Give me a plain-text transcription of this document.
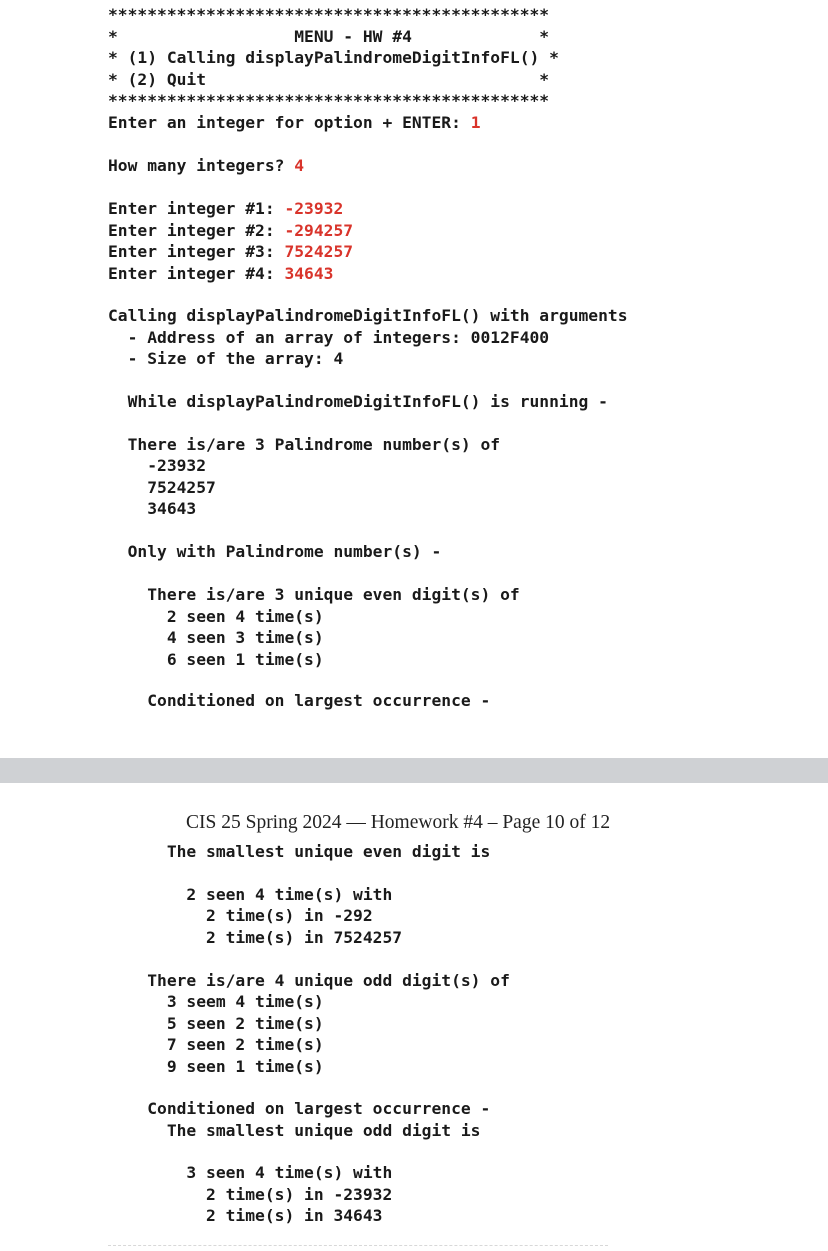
*********************************************

*                  MENU - HW #4             *

* (1) Calling displayPalindromeDigitInfoFL() *

* (2) Quit                                  *

*********************************************

Enter an integer for option + ENTER: 1

How many integers? 4

Enter integer #1: -23932

Enter integer #2: -294257

Enter integer #3: 7524257

Enter integer #4: 34643

Calling displayPalindromeDigitInfoFL() with arguments

- Address of an array of integers: 0012F400

- Size of the array: 4

While displayPalindromeDigitInfoFL() is running -

There is/are 3 Palindrome number(s) of

-23932

7524257

34643

Only with Palindrome number(s) -

There is/are 3 unique even digit(s) of

2 seen 4 time(s)

4 seen 3 time(s)

6 seen 1 time(s)

Conditioned on largest occurrence -

CIS 25 Spring 2024 — Homework #4 – Page 10 of 12

The smallest unique even digit is

2 seen 4 time(s) with

2 time(s) in -292

2 time(s) in 7524257

There is/are 4 unique odd digit(s) of

3 seem 4 time(s)

5 seen 2 time(s)

7 seen 2 time(s)

9 seen 1 time(s)

Conditioned on largest occurrence -

The smallest unique odd digit is

3 seen 4 time(s) with

2 time(s) in -23932

2 time(s) in 34643
